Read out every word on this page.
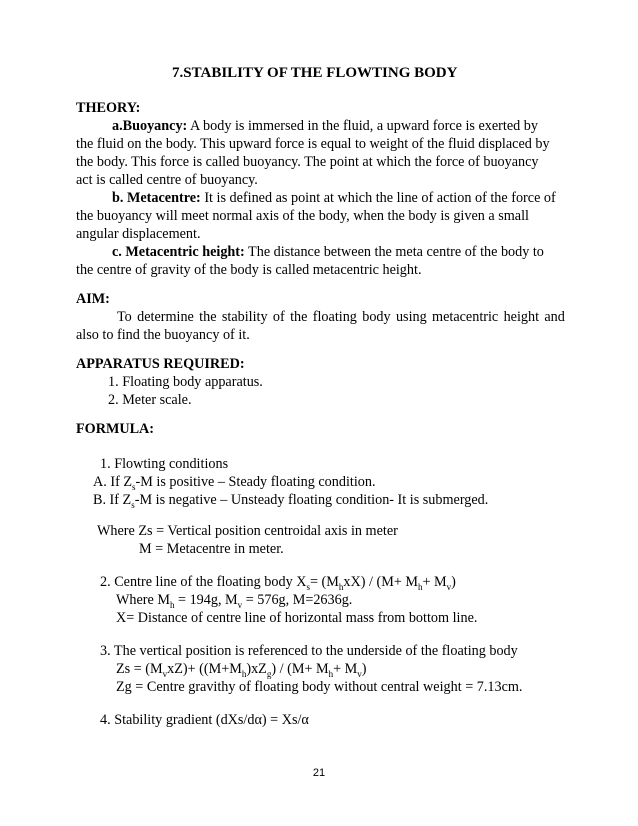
7.STABILITY OF THE FLOWTING BODY
THEORY:
a.Buoyancy: A body is immersed in the fluid, a upward force is exerted by
the fluid on the body. This upward force is equal to weight of the fluid displaced by
the body. This force is called buoyancy. The point at which the force of buoyancy
act is called centre of buoyancy.
b. Metacentre: It is defined as point at which the line of action of the force of
the buoyancy will meet normal axis of the body, when the body is given a small
angular displacement.
c. Metacentric height: The distance between the meta centre of the body to
the centre of gravity of the body is called metacentric height.
AIM:
To determine the stability of the floating body using metacentric height and
also to find the buoyancy of it.
APPARATUS REQUIRED:
1. Floating body apparatus.
2. Meter scale.
FORMULA:
1. Flowting conditions
A. If $Z_s-M$ is positive – Steady floating condition.
B. If $Z_s-M$ is negative – Unsteady floating condition- It is submerged.
Where Zs = Vertical position centroidal axis in meter
M = Metacentre in meter.
2. Centre line of the floating body $X_s= (M_hxX) / (M+ M_h+ M_v)$
Where $M_h = 194g$, $M_v = 576g$, M=2636g.
X= Distance of centre line of horizontal mass from bottom line.
3. The vertical position is referenced to the underside of the floating body
$Zs = (M_vxZ)+ ((M+M_h)xZ_g) / (M+ M_h+ M_v)$
Zg = Centre gravithy of floating body without central weight = 7.13cm.
4. Stability gradient (dXs/dα) = Xs/α
21
